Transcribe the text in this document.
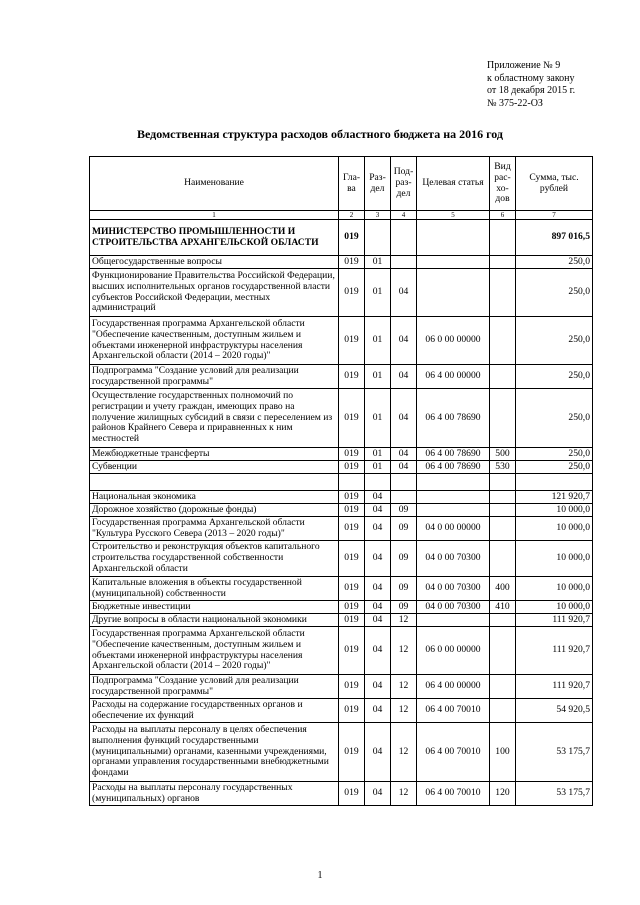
Приложение № 9
к областному закону
от 18 декабря 2015 г.
№ 375-22-ОЗ
Ведомственная структура расходов областного бюджета на 2016 год
Наименование	Гла-ва	Раз-дел	Под-раз-дел	Целевая статья	Вид рас-хо-дов	Сумма, тыс. рублей
1	2	3	4	5	6	7
МИНИСТЕРСТВО ПРОМЫШЛЕННОСТИ И СТРОИТЕЛЬСТВА АРХАНГЕЛЬСКОЙ ОБЛАСТИ	019					897 016,5
Общегосударственные вопросы	019	01				250,0
Функционирование Правительства Российской Федерации, высших исполнительных органов государственной власти субъектов Российской Федерации, местных администраций	019	01	04			250,0
Государственная программа Архангельской области "Обеспечение качественным, доступным жильем и объектами инженерной инфраструктуры населения Архангельской области (2014 – 2020 годы)"	019	01	04	06 0 00 00000		250,0
Подпрограмма "Создание условий для реализации государственной программы"	019	01	04	06 4 00 00000		250,0
Осуществление государственных полномочий по регистрации и учету граждан, имеющих право на получение жилищных субсидий в связи с переселением из районов Крайнего Севера и приравненных к ним местностей	019	01	04	06 4 00 78690		250,0
Межбюджетные трансферты	019	01	04	06 4 00 78690	500	250,0
Субвенции	019	01	04	06 4 00 78690	530	250,0

Национальная экономика	019	04				121 920,7
Дорожное хозяйство (дорожные фонды)	019	04	09			10 000,0
Государственная программа Архангельской области "Культура Русского Севера (2013 – 2020 годы)"	019	04	09	04 0 00 00000		10 000,0
Строительство и реконструкция объектов капитального строительства государственной собственности Архангельской области	019	04	09	04 0 00 70300		10 000,0
Капитальные вложения в объекты государственной (муниципальной) собственности	019	04	09	04 0 00 70300	400	10 000,0
Бюджетные инвестиции	019	04	09	04 0 00 70300	410	10 000,0
Другие вопросы в области национальной экономики	019	04	12			111 920,7
Государственная программа Архангельской области "Обеспечение качественным, доступным жильем и объектами инженерной инфраструктуры населения Архангельской области (2014 – 2020 годы)"	019	04	12	06 0 00 00000		111 920,7
Подпрограмма "Создание условий для реализации государственной программы"	019	04	12	06 4 00 00000		111 920,7
Расходы на содержание государственных органов и обеспечение их функций	019	04	12	06 4 00 70010		54 920,5
Расходы на выплаты персоналу в целях обеспечения выполнения функций государственными (муниципальными) органами, казенными учреждениями, органами управления государственными внебюджетными фондами	019	04	12	06 4 00 70010	100	53 175,7
Расходы на выплаты персоналу государственных (муниципальных) органов	019	04	12	06 4 00 70010	120	53 175,7
1
